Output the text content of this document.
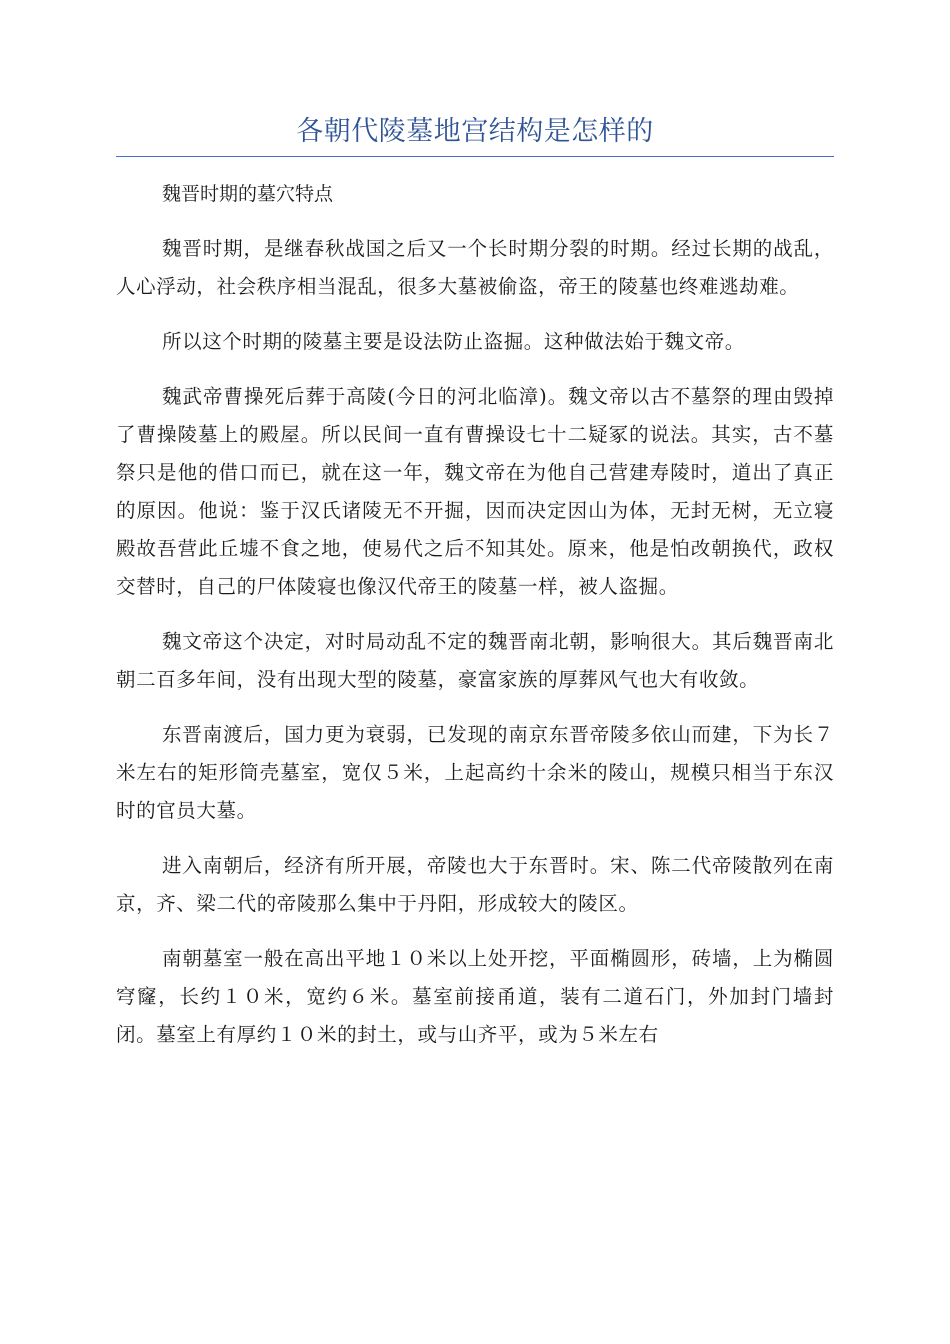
各朝代陵墓地宫结构是怎样的

魏晋时期的墓穴特点

魏晋时期，是继春秋战国之后又一个长时期分裂的时期。经过长期的战乱，人心浮动，社会秩序相当混乱，很多大墓被偷盗，帝王的陵墓也终难逃劫难。

所以这个时期的陵墓主要是设法防止盗掘。这种做法始于魏文帝。

魏武帝曹操死后葬于高陵(今日的河北临漳)。魏文帝以古不墓祭的理由毁掉了曹操陵墓上的殿屋。所以民间一直有曹操设七十二疑冢的说法。其实，古不墓祭只是他的借口而已，就在这一年，魏文帝在为他自己营建寿陵时，道出了真正的原因。他说：鉴于汉氏诸陵无不开掘，因而决定因山为体，无封无树，无立寝殿故吾营此丘墟不食之地，使易代之后不知其处。原来，他是怕改朝换代，政权交替时，自己的尸体陵寝也像汉代帝王的陵墓一样，被人盗掘。

魏文帝这个决定，对时局动乱不定的魏晋南北朝，影响很大。其后魏晋南北朝二百多年间，没有出现大型的陵墓，豪富家族的厚葬风气也大有收敛。

东晋南渡后，国力更为衰弱，已发现的南京东晋帝陵多依山而建，下为长７米左右的矩形筒壳墓室，宽仅５米，上起高约十余米的陵山，规模只相当于东汉时的官员大墓。

进入南朝后，经济有所开展，帝陵也大于东晋时。宋、陈二代帝陵散列在南京，齐、梁二代的帝陵那么集中于丹阳，形成较大的陵区。

南朝墓室一般在高出平地１０米以上处开挖，平面椭圆形，砖墙，上为椭圆穹窿，长约１０米，宽约６米。墓室前接甬道，装有二道石门，外加封门墙封闭。墓室上有厚约１０米的封土，或与山齐平，或为５米左右
